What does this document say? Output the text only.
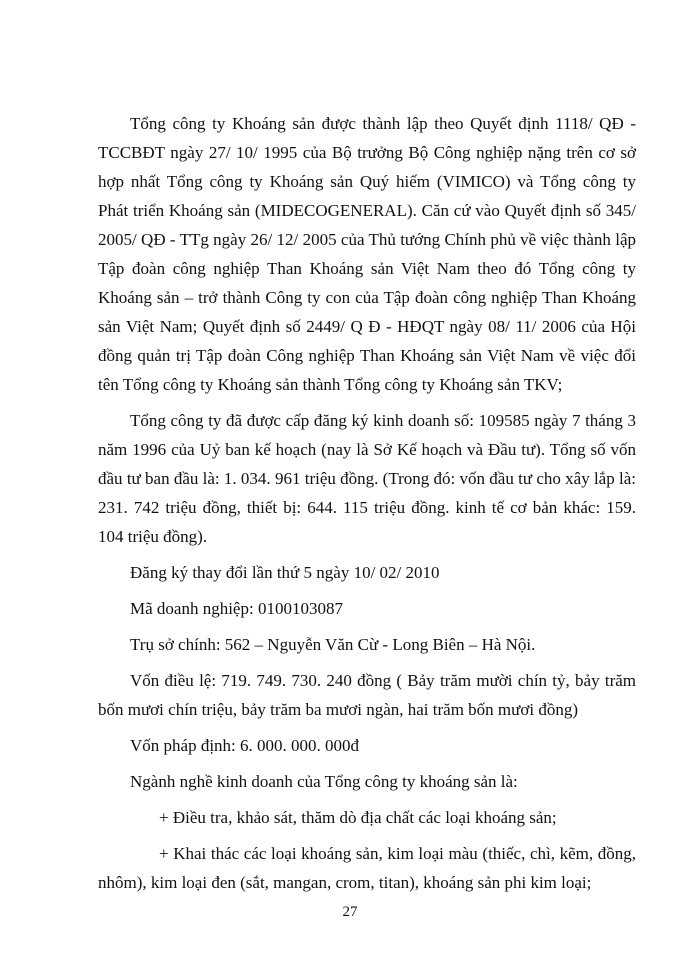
Tổng công ty Khoáng sản được thành lập theo Quyết định 1118/ QĐ - TCCBĐT ngày 27/ 10/ 1995 của Bộ trưởng Bộ Công nghiệp nặng trên cơ sở hợp nhất Tổng công ty Khoáng sản Quý hiếm (VIMICO) và Tổng công ty Phát triển Khoáng sản (MIDECOGENERAL). Căn cứ vào Quyết định số 345/ 2005/ QĐ - TTg ngày 26/ 12/ 2005 của Thủ tướng Chính phủ về việc thành lập Tập đoàn công nghiệp Than Khoáng sản Việt Nam theo đó Tổng công ty Khoáng sản – trở thành Công ty con của Tập đoàn công nghiệp Than Khoáng sản Việt Nam; Quyết định số 2449/ Q Đ - HĐQT ngày 08/ 11/ 2006 của Hội đồng quản trị Tập đoàn Công nghiệp Than Khoáng sản Việt Nam về việc đổi tên Tổng công ty Khoáng sản thành Tổng công ty Khoáng sản TKV;

Tổng công ty đã được cấp đăng ký kinh doanh số: 109585 ngày 7 tháng 3 năm 1996 của Uỷ ban kế hoạch (nay là Sở Kế hoạch và Đầu tư). Tổng số vốn đầu tư ban đầu là: 1. 034. 961 triệu đồng. (Trong đó: vốn đầu tư cho xây lắp là: 231. 742 triệu đồng, thiết bị: 644. 115 triệu đồng. kinh tế cơ bản khác: 159. 104 triệu đồng).

Đăng ký thay đổi lần thứ 5 ngày 10/ 02/ 2010

Mã doanh nghiệp: 0100103087

Trụ sở chính: 562 – Nguyễn Văn Cừ - Long Biên – Hà Nội.

Vốn điều lệ: 719. 749. 730. 240 đồng ( Bảy trăm mười chín tỷ, bảy trăm bốn mươi chín triệu, bảy trăm ba mươi ngàn, hai trăm bốn mươi đồng)

Vốn pháp định: 6. 000. 000. 000đ

Ngành nghề kinh doanh của Tổng công ty khoáng sản là:

+ Điều tra, khảo sát, thăm dò địa chất các loại khoáng sản;

+ Khai thác các loại khoáng sản, kim loại màu (thiếc, chì, kẽm, đồng, nhôm), kim loại đen (sắt, mangan, crom, titan), khoáng sản phi kim loại;

27
